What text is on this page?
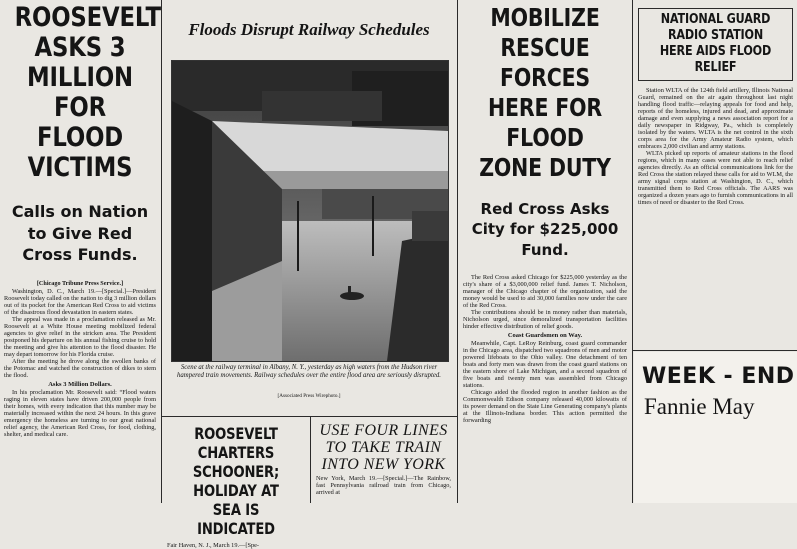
ROOSEVELT ASKS 3 MILLION FOR FLOOD VICTIMS
Calls on Nation to Give Red Cross Funds.
[Chicago Tribune Press Service.]

Washington, D. C., March 19.—[Special.]—President Roosevelt today called on the nation to dig 3 million dollars out of its pocket for the American Red Cross to aid victims of the disastrous flood devastation in eastern states.

The appeal was made in a proclamation released as Mr. Roosevelt at a White House meeting mobilized federal agencies to give relief in the stricken area. The President postponed his departure on his annual fishing cruise to hold the meeting and give his attention to the flood disaster. He may depart tomorrow for his Florida cruise.

After the meeting he drove along the swollen banks of the Potomac and watched the construction of dikes to stem the flood.

Asks 3 Million Dollars.

In his proclamation Mr. Roosevelt said: “Flood waters raging in eleven states have driven 200,000 people from their homes, with every indication that this number may be materially increased within the next 24 hours. In this grave emergency the homeless are turning to our great national relief agency, the American Red Cross, for food, clothing, shelter, and medical care.

Floods Disrupt Railway Schedules
Scene at the railway terminal in Albany, N. Y., yesterday as high waters from the Hudson river hampered train movements. Railway schedules over the entire flood area are seriously disrupted.
[Associated Press Wirephoto.]
ROOSEVELT CHARTERS SCHOONER; HOLIDAY AT SEA IS INDICATED
Fair Haven, N. J., March 19.—[Spe-
USE FOUR LINES TO TAKE TRAIN INTO NEW YORK
New York, March 19.—[Special.]—The Rainbow, fast Pennsylvania railroad train from Chicago, arrived at
MOBILIZE RESCUE FORCES HERE FOR FLOOD ZONE DUTY
Red Cross Asks City for $225,000 Fund.

The Red Cross asked Chicago for $225,000 yesterday as the city's share of a $3,000,000 relief fund. James T. Nicholson, manager of the Chicago chapter of the organization, said the money would be used to aid 30,000 families now under the care of the Red Cross.

The contributions should be in money rather than materials, Nicholson urged, since demoralized transportation facilities hinder effective distribution of relief goods.

Coast Guardsmen on Way.

Meanwhile, Capt. LeRoy Reinburg, coast guard commander in the Chicago area, dispatched two squadrons of men and motor powered lifeboats to the Ohio valley. One detachment of ten boats and forty men was drawn from the coast guard stations on the eastern shore of Lake Michigan, and a second squadron of five boats and twenty men was assembled from Chicago stations.

Chicago aided the flooded region in another fashion as the Commonwealth Edison company released 40,000 kilowatts of its power demand on the State Line Generating company's plants at the Illinois-Indiana border. This action permitted the forwarding

NATIONAL GUARD RADIO STATION HERE AIDS FLOOD RELIEF

Station WLTA of the 124th field artillery, Illinois National Guard, remained on the air again throughout last night handling flood traffic—relaying appeals for food and help, reports of the homeless, injured and dead, and approximate damage and even supplying a news association report for a daily newspaper in Ridgway, Pa., which is completely isolated by the waters. WLTA is the net control in the sixth corps area for the Army Amateur Radio system, which embraces 2,000 civilian and army stations.

WLTA picked up reports of amateur stations in the flood regions, which in many cases were not able to reach relief agencies directly. As an official communications link for the Red Cross the station relayed these calls for aid to WLM, the army signal corps station at Washington, D. C., which transmitted them to Red Cross officials. The AARS was organized a dozen years ago to furnish communications in all times of need or disaster to the Red Cross.

WEEK - END
Fannie May
